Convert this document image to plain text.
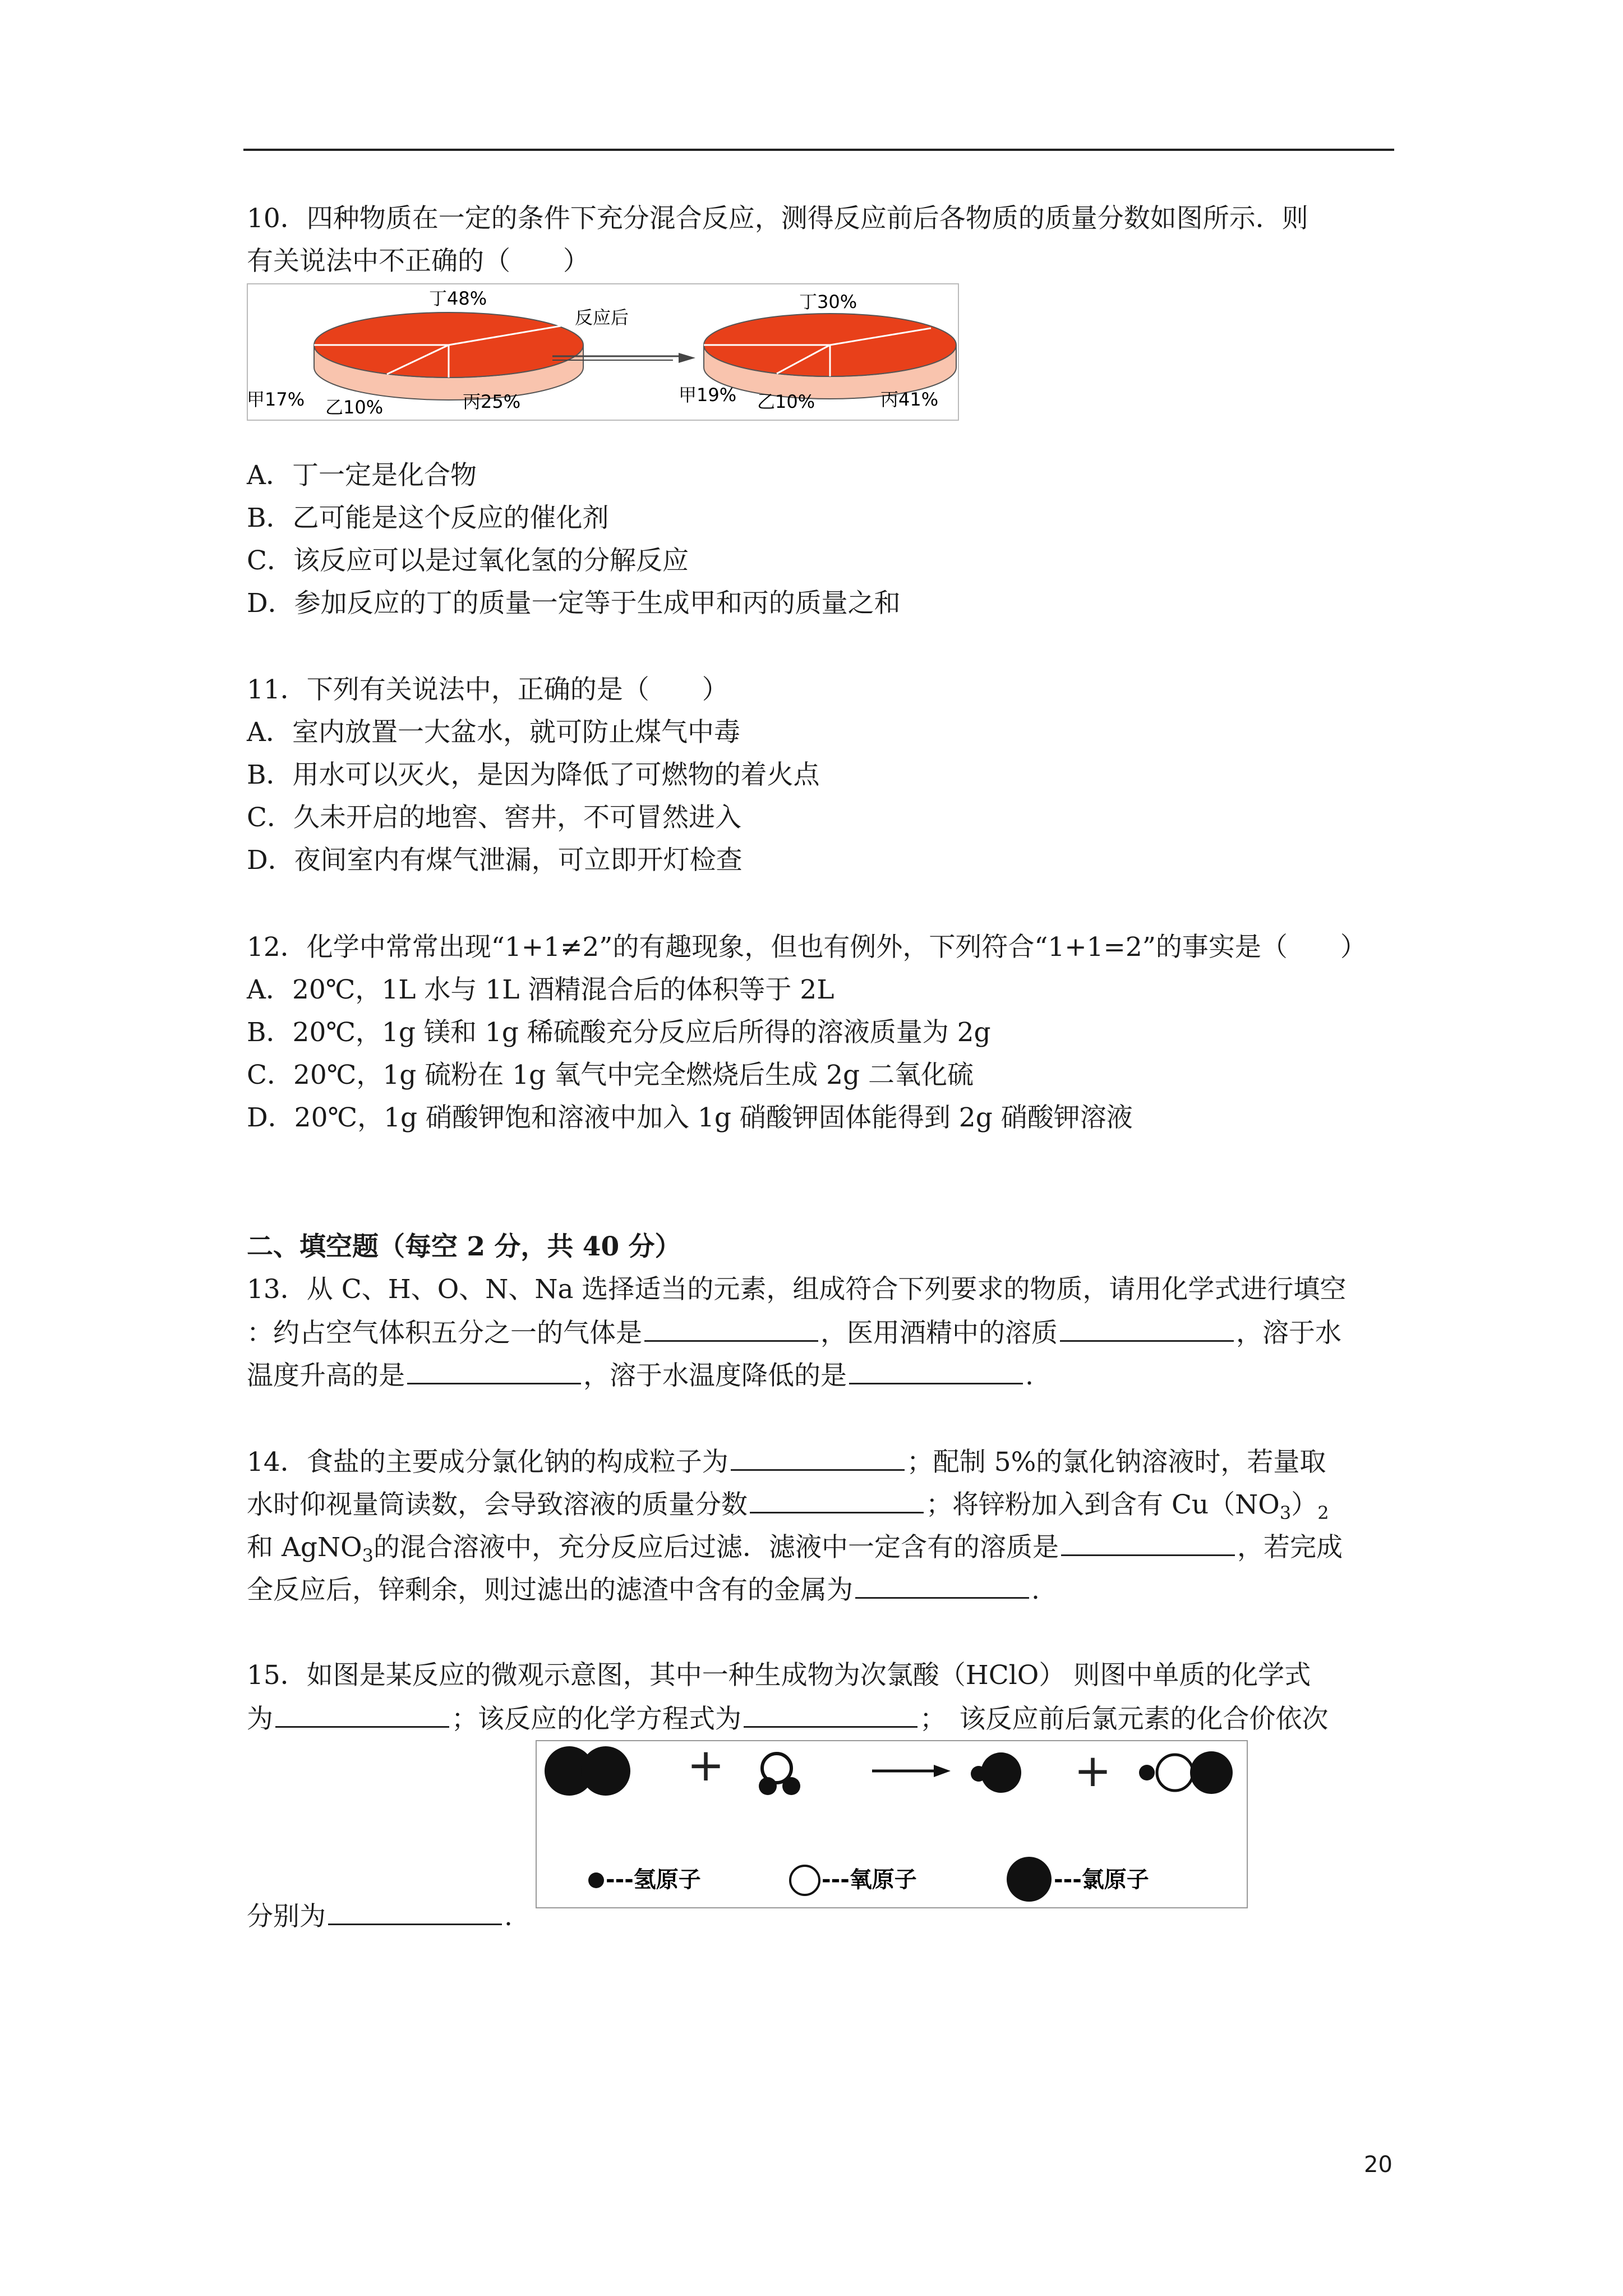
10．四种物质在一定的条件下充分混合反应，测得反应前后各物质的质量分数如图所示．则
有关说法中不正确的（　　）
丁48%
甲17% 乙10%	丙25%
反应后
丁30%
甲19% 乙10%	丙41%
A．丁一定是化合物
B．乙可能是这个反应的催化剂
C．该反应可以是过氧化氢的分解反应
D．参加反应的丁的质量一定等于生成甲和丙的质量之和
11．下列有关说法中，正确的是（　　）
A．室内放置一大盆水，就可防止煤气中毒
B．用水可以灭火，是因为降低了可燃物的着火点
C．久未开启的地窖、窖井，不可冒然进入
D．夜间室内有煤气泄漏，可立即开灯检查
12．化学中常常出现“1+1≠2”的有趣现象，但也有例外，下列符合“1+1=2”的事实是（　　）
A．20℃，1L 水与 1L 酒精混合后的体积等于 2L
B．20℃，1g 镁和 1g 稀硫酸充分反应后所得的溶液质量为 2g
C．20℃，1g 硫粉在 1g 氧气中完全燃烧后生成 2g 二氧化硫
D．20℃，1g 硝酸钾饱和溶液中加入 1g 硝酸钾固体能得到 2g 硝酸钾溶液
二、填空题（每空 2 分，共 40 分）
13．从 C、H、O、N、Na 选择适当的元素，组成符合下列要求的物质，请用化学式进行填空
：约占空气体积五分之一的气体是	，医用酒精中的溶质	，溶于水
温度升高的是	，溶于水温度降低的是	.
14．食盐的主要成分氯化钠的构成粒子为	；配制 5%的氯化钠溶液时，若量取
水时仰视量筒读数，会导致溶液的质量分数	；将锌粉加入到含有 $Cu(NO_3)_2$
和 AgNO$_3$的混合溶液中，充分反应后过滤．滤液中一定含有的溶质是	，若完成
全反应后，锌剩余，则过滤出的滤渣中含有的金属为	.
15．如图是某反应的微观示意图，其中一种生成物为次氯酸（HClO） 则图中单质的化学式
为	；该反应的化学方程式为	；　该反应前后氯元素的化合价依次
+	+
---氢原子	---氧原子	---氯原子
分别为	.
20
